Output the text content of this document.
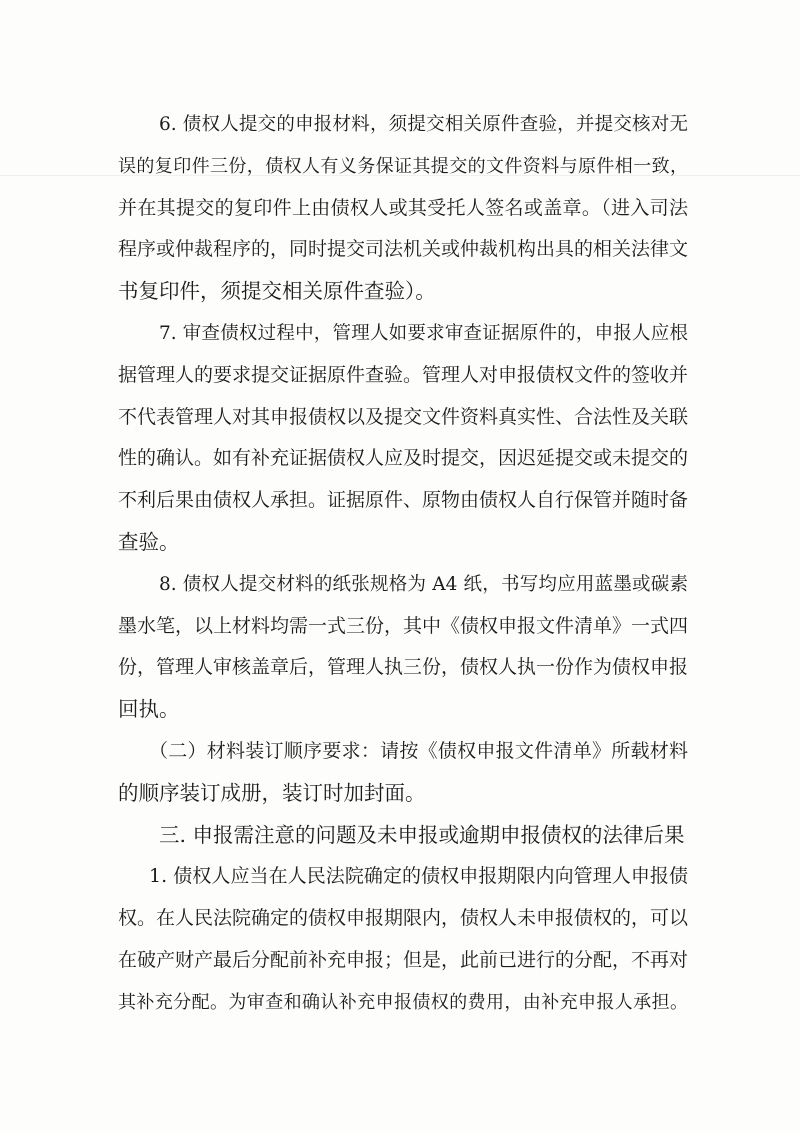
6. 债权人提交的申报材料，须提交相关原件查验，并提交核对无
误的复印件三份，债权人有义务保证其提交的文件资料与原件相一致，
并在其提交的复印件上由债权人或其受托人签名或盖章。（进入司法
程序或仲裁程序的，同时提交司法机关或仲裁机构出具的相关法律文
书复印件，须提交相关原件查验）。
7. 审查债权过程中，管理人如要求审查证据原件的，申报人应根
据管理人的要求提交证据原件查验。管理人对申报债权文件的签收并
不代表管理人对其申报债权以及提交文件资料真实性、合法性及关联
性的确认。如有补充证据债权人应及时提交，因迟延提交或未提交的
不利后果由债权人承担。证据原件、原物由债权人自行保管并随时备
查验。
8. 债权人提交材料的纸张规格为 A4 纸，书写均应用蓝墨或碳素
墨水笔，以上材料均需一式三份，其中《债权申报文件清单》一式四
份，管理人审核盖章后，管理人执三份，债权人执一份作为债权申报
回执。
（二）材料装订顺序要求：请按《债权申报文件清单》所载材料
的顺序装订成册，装订时加封面。
三. 申报需注意的问题及未申报或逾期申报债权的法律后果
1. 债权人应当在人民法院确定的债权申报期限内向管理人申报债
权。在人民法院确定的债权申报期限内，债权人未申报债权的，可以
在破产财产最后分配前补充申报；但是，此前已进行的分配，不再对
其补充分配。为审查和确认补充申报债权的费用，由补充申报人承担。
